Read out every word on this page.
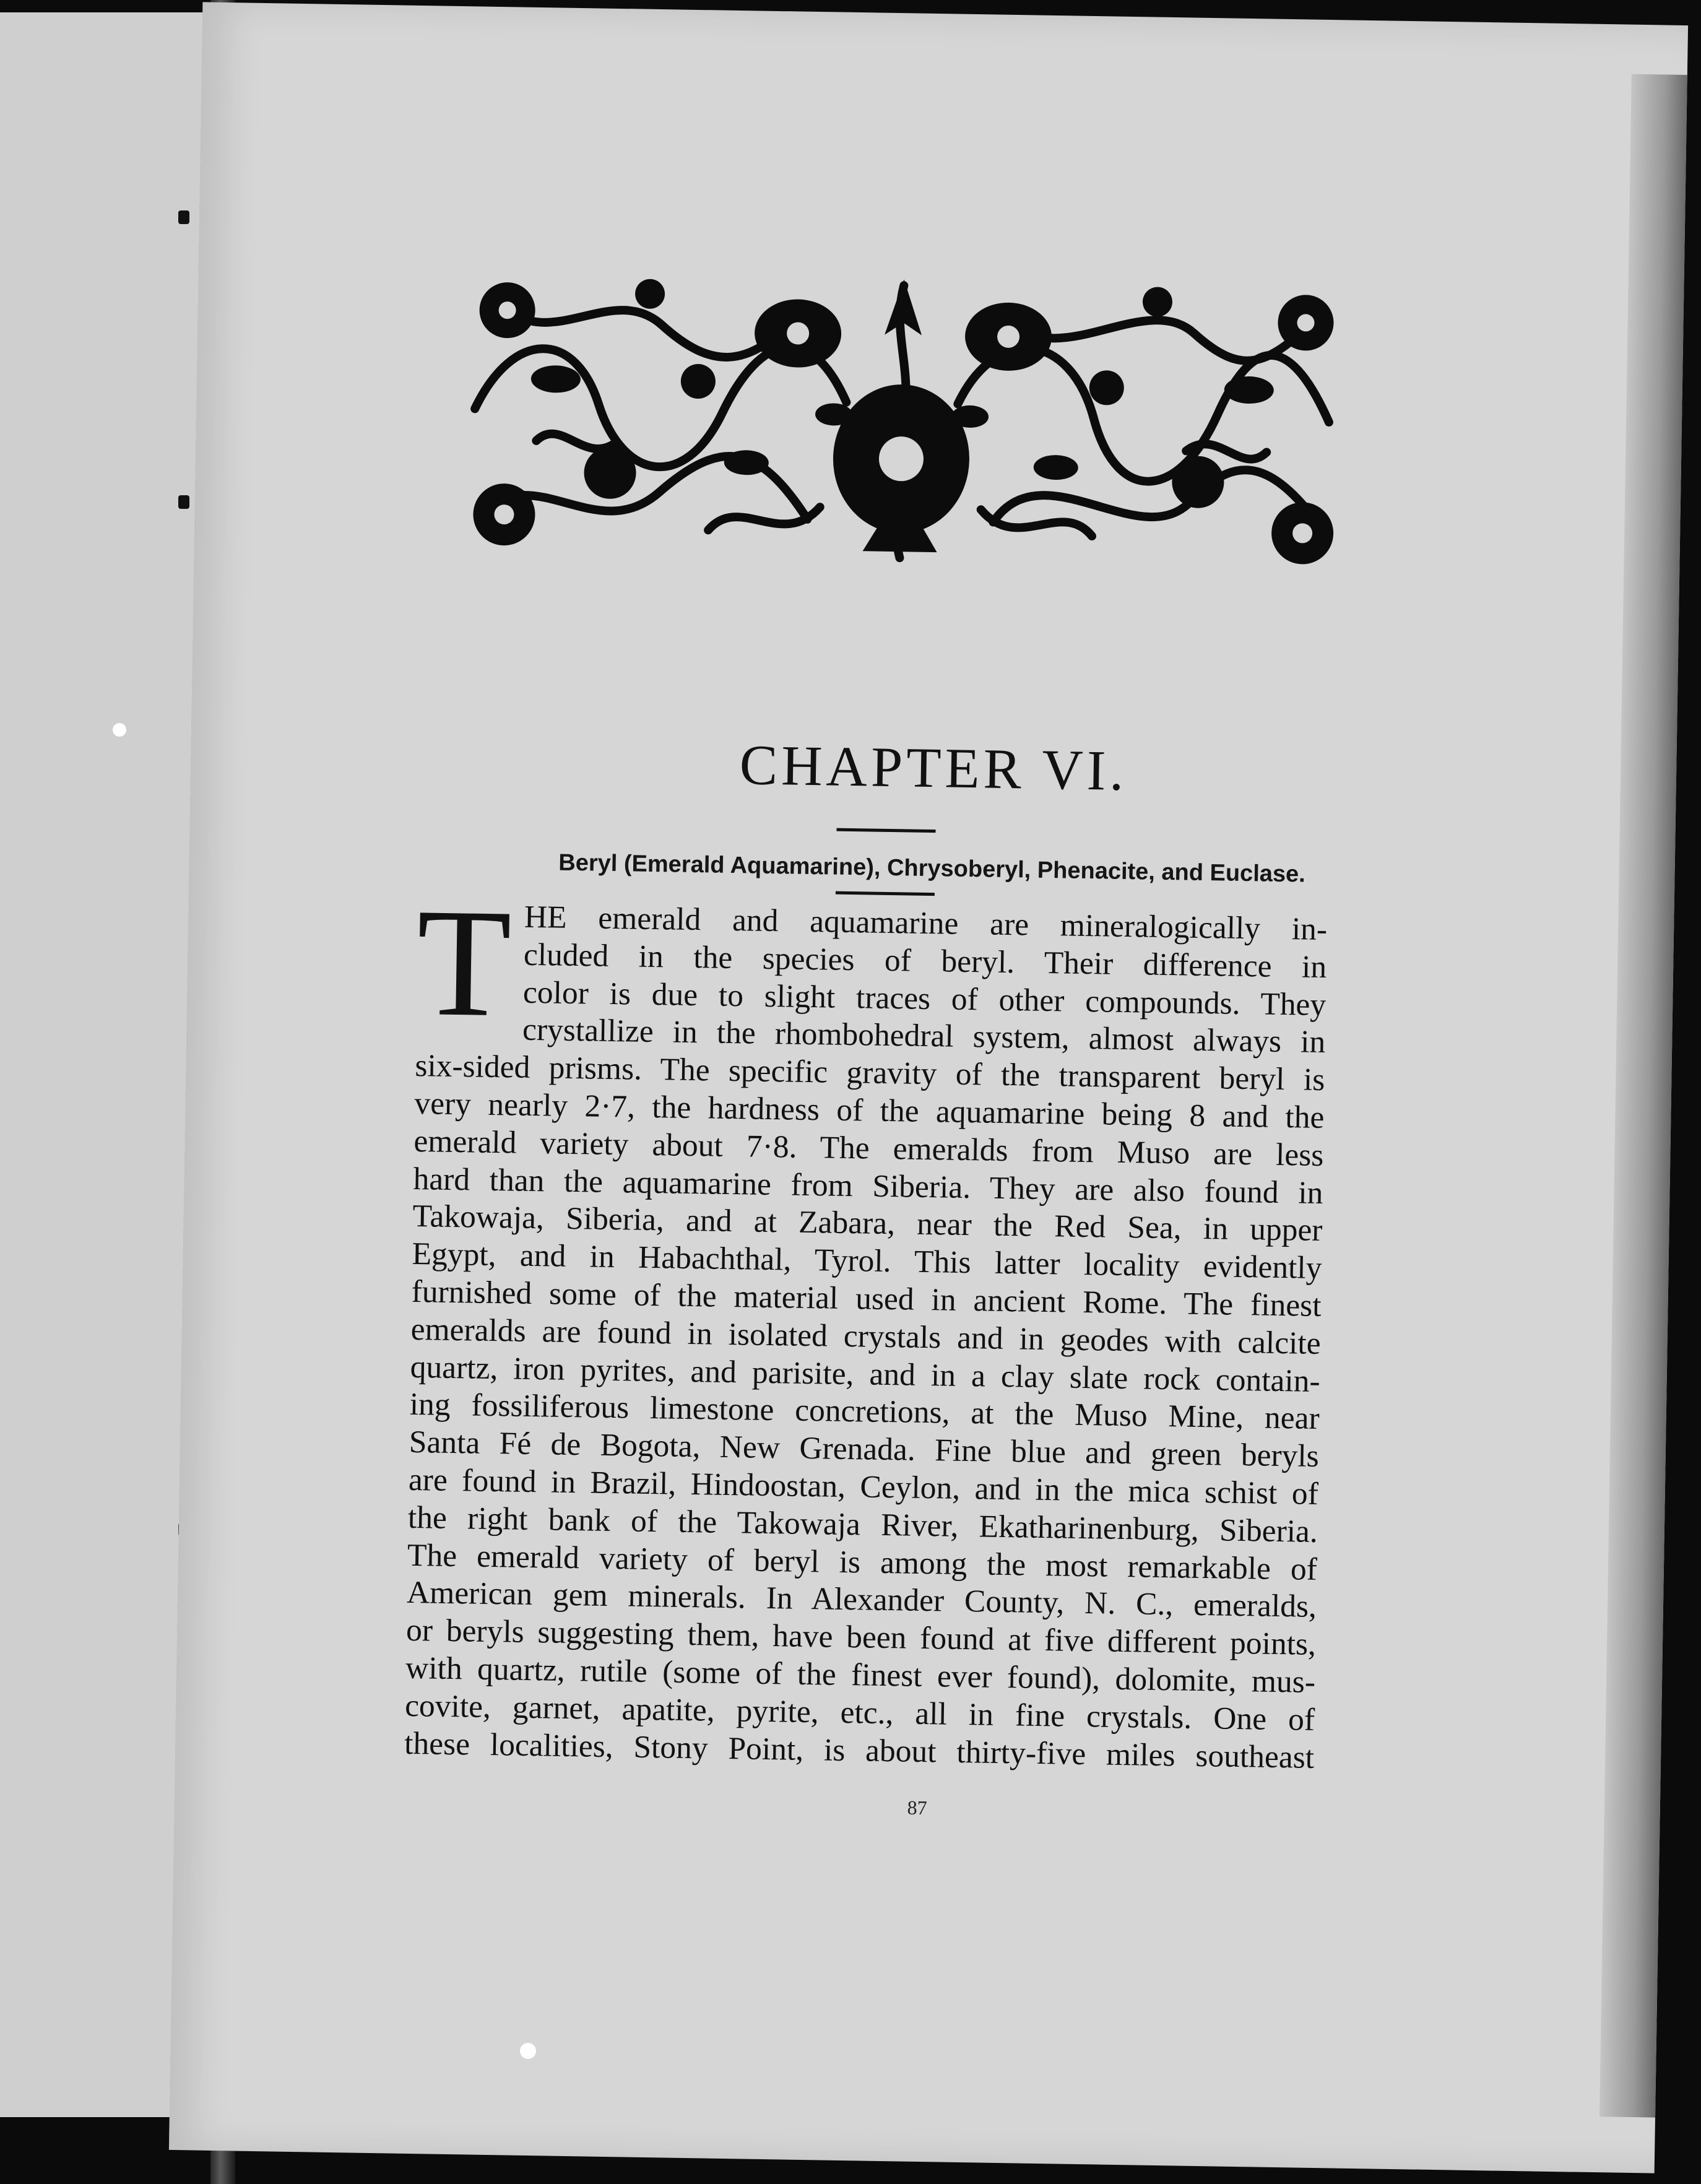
CHAPTER VI.
Beryl (Emerald Aquamarine), Chrysoberyl, Phenacite, and Euclase.
T HE emerald and aquamarine are mineralogically in-
cluded in the species of beryl. Their difference in
color is due to slight traces of other compounds. They
crystallize in the rhombohedral system, almost always in
six-sided prisms. The specific gravity of the transparent beryl is
very nearly 2·7, the hardness of the aquamarine being 8 and the
emerald variety about 7·8. The emeralds from Muso are less
hard than the aquamarine from Siberia. They are also found in
Takowaja, Siberia, and at Zabara, near the Red Sea, in upper
Egypt, and in Habachthal, Tyrol. This latter locality evidently
furnished some of the material used in ancient Rome. The finest
emeralds are found in isolated crystals and in geodes with calcite
quartz, iron pyrites, and parisite, and in a clay slate rock contain-
ing fossiliferous limestone concretions, at the Muso Mine, near
Santa Fé de Bogota, New Grenada. Fine blue and green beryls
are found in Brazil, Hindoostan, Ceylon, and in the mica schist of
the right bank of the Takowaja River, Ekatharinenburg, Siberia.
The emerald variety of beryl is among the most remarkable of
American gem minerals. In Alexander County, N. C., emeralds,
or beryls suggesting them, have been found at five different points,
with quartz, rutile (some of the finest ever found), dolomite, mus-
covite, garnet, apatite, pyrite, etc., all in fine crystals. One of
these localities, Stony Point, is about thirty-five miles southeast
87
